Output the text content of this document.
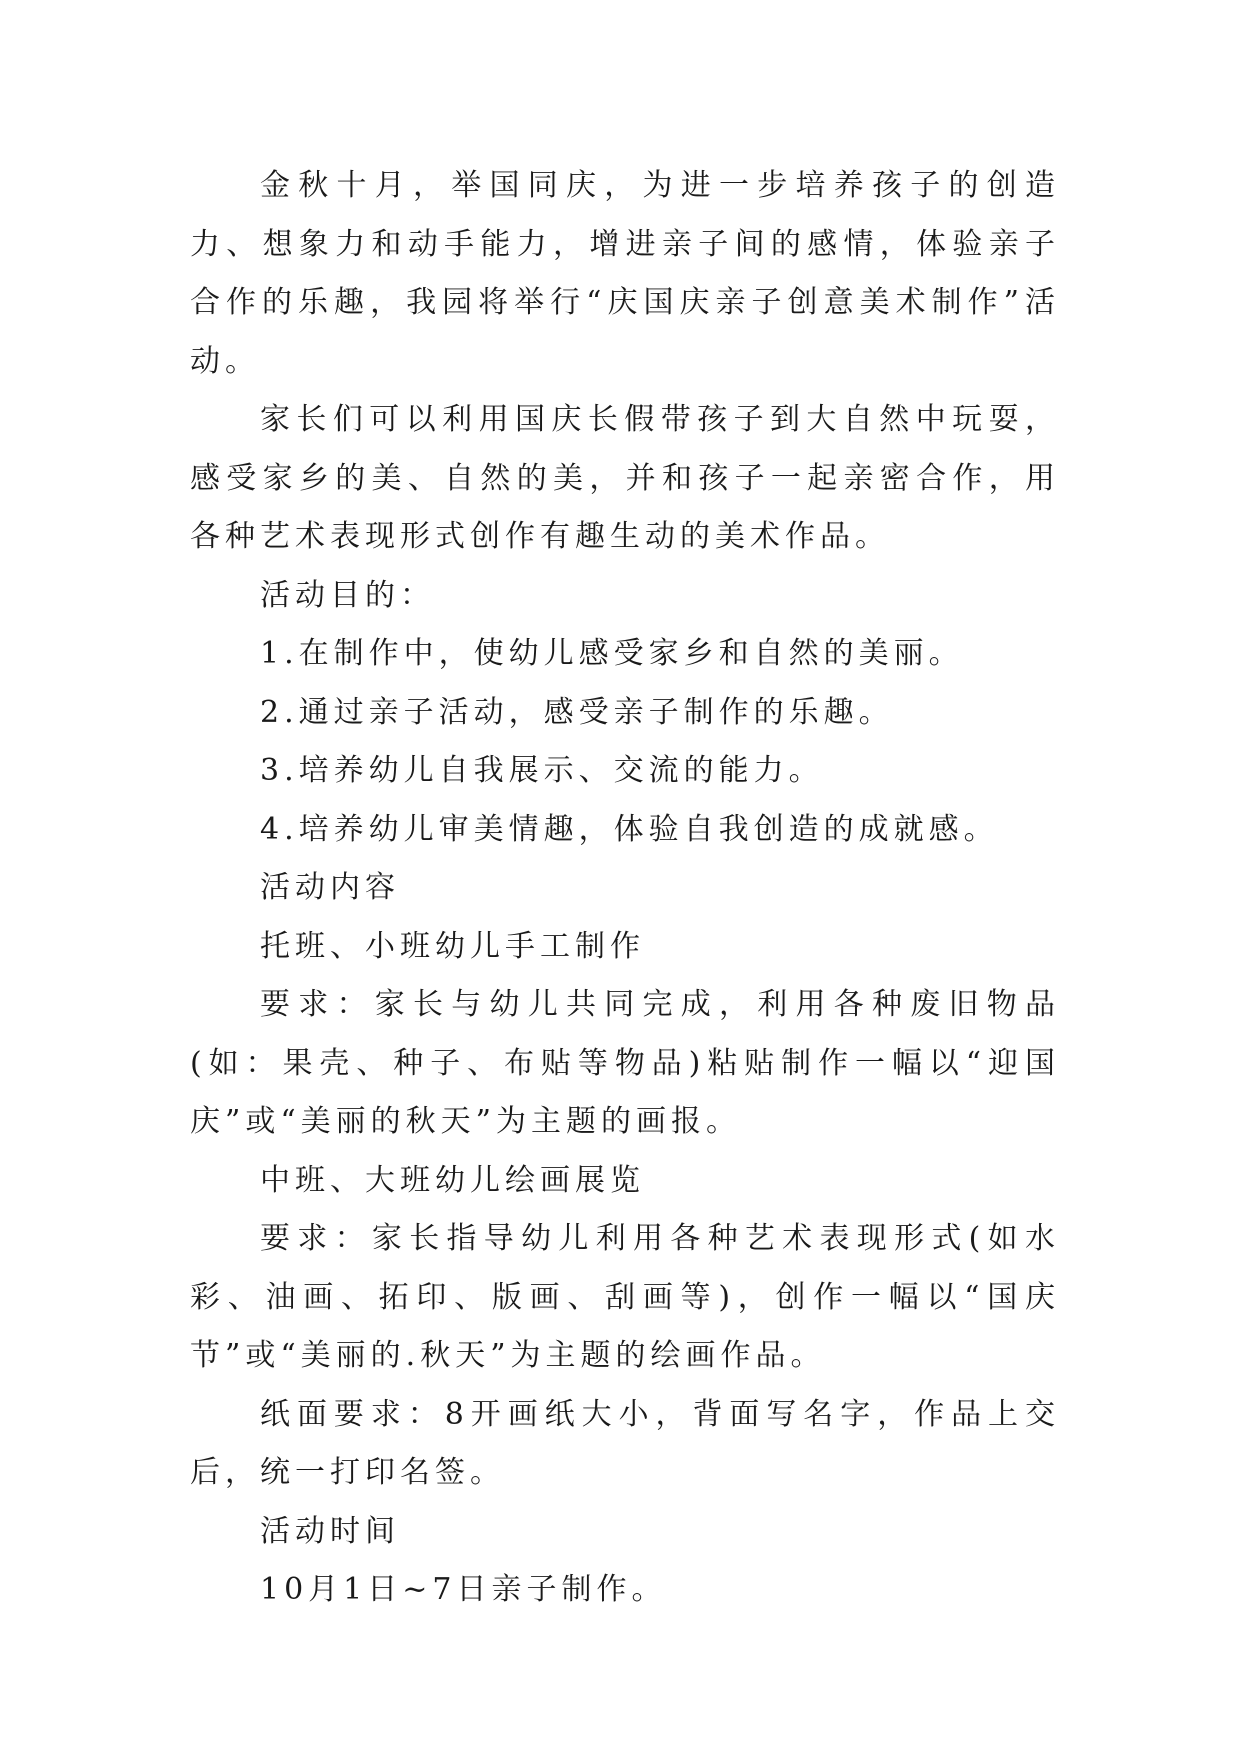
金秋十月，举国同庆，为进一步培养孩子的创造力、想象力和动手能力，增进亲子间的感情，体验亲子合作的乐趣，我园将举行“庆国庆亲子创意美术制作”活动。

家长们可以利用国庆长假带孩子到大自然中玩耍，感受家乡的美、自然的美，并和孩子一起亲密合作，用各种艺术表现形式创作有趣生动的美术作品。

活动目的：

1.在制作中，使幼儿感受家乡和自然的美丽。

2.通过亲子活动，感受亲子制作的乐趣。

3.培养幼儿自我展示、交流的能力。

4.培养幼儿审美情趣，体验自我创造的成就感。

活动内容

托班、小班幼儿手工制作

要求：家长与幼儿共同完成，利用各种废旧物品(如：果壳、种子、布贴等物品)粘贴制作一幅以“迎国庆”或“美丽的秋天”为主题的画报。

中班、大班幼儿绘画展览

要求：家长指导幼儿利用各种艺术表现形式(如水彩、油画、拓印、版画、刮画等)，创作一幅以“国庆节”或“美丽的.秋天”为主题的绘画作品。

纸面要求：8开画纸大小，背面写名字，作品上交后，统一打印名签。

活动时间

10月1日~7日亲子制作。
